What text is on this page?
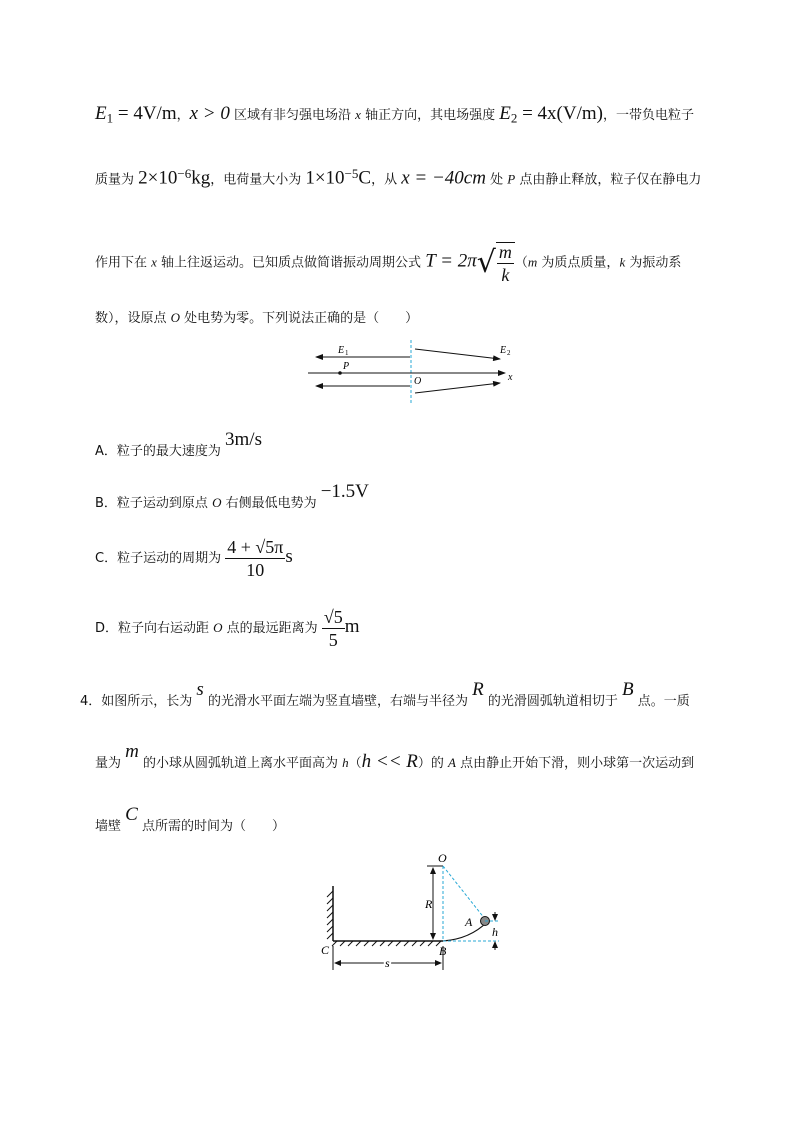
$E_1 = 4V/m$，x > 0 区域有非匀强电场沿 x 轴正方向，其电场强度 $E_2 = 4x(V/m)$，一带负电粒子
质量为 $2\times 10^{-6}kg$，电荷量大小为 $1\times 10^{-5}C$，从 x = −40cm 处 P 点由静止释放，粒子仅在静电力
作用下在 x 轴上往返运动。已知质点做简谐振动周期公式 $T = 2\pi√ \frac{m}{k} (m$ 为质点质量，k 为振动系
数），设原点 O 处电势为零。下列说法正确的是（　　）
E 1	E 2
P
O	x
A．粒子的最大速度为 3m/s
B．粒子运动到原点 O 右侧最低电势为 −1.5V
C．粒子运动的周期为 $\frac{4 + √5\pi}{10}$ s
D．粒子向右运动距 O 点的最远距离为 $\frac{√5}{5}$ m
4．如图所示，长为 s 的光滑水平面左端为竖直墙壁，右端与半径为 R 的光滑圆弧轨道相切于 B 点。一质
量为 m 的小球从圆弧轨道上离水平面高为 h（h << R）的 A 点由静止开始下滑，则小球第一次运动到
墙壁 C 点所需的时间为（　　）
O
R
A
h
C	B
s
